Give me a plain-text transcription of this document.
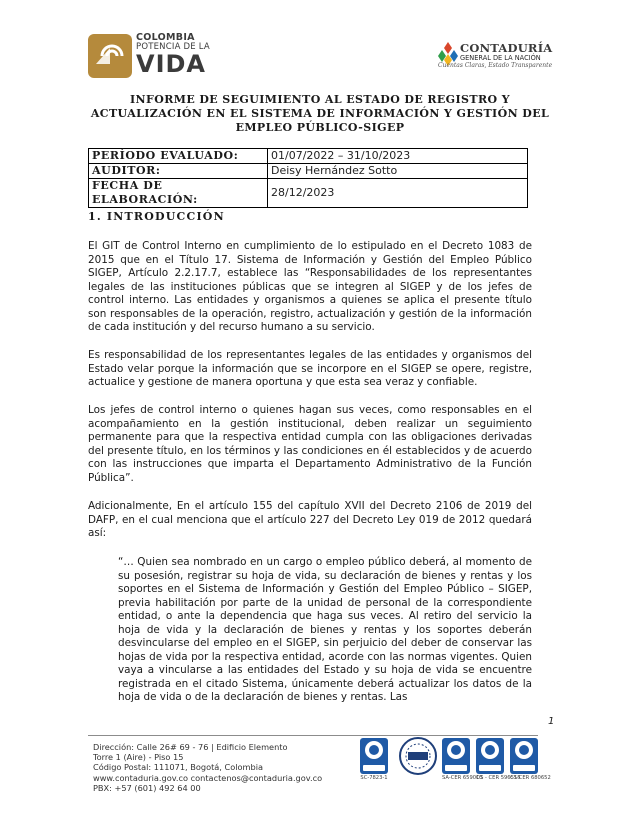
COLOMBIA
POTENCIA DE LA
VIDA
CONTADURÍA
GENERAL DE LA NACIÓN
Cuentas Claras, Estado Transparente
INFORME DE SEGUIMIENTO AL ESTADO DE REGISTRO Y ACTUALIZACIÓN EN EL SISTEMA DE INFORMACIÓN Y GESTIÓN DEL EMPLEO PÚBLICO-SIGEP
PERÍODO EVALUADO:	01/07/2022 – 31/10/2023
AUDITOR:	Deisy Hernández Sotto
FECHA DE ELABORACIÓN:	28/12/2023
1. INTRODUCCIÓN
El GIT de Control Interno en cumplimiento de lo estipulado en el Decreto 1083 de 2015 que en el Título 17. Sistema de Información y Gestión del Empleo Público SIGEP, Artículo 2.2.17.7, establece las “Responsabilidades de los representantes legales de las instituciones públicas que se integren al SIGEP y de los jefes de control interno. Las entidades y organismos a quienes se aplica el presente título son responsables de la operación, registro, actualización y gestión de la información de cada institución y del recurso humano a su servicio.
Es responsabilidad de los representantes legales de las entidades y organismos del Estado velar porque la información que se incorpore en el SIGEP se opere, registre, actualice y gestione de manera oportuna y que esta sea veraz y confiable.
Los jefes de control interno o quienes hagan sus veces, como responsables en el acompañamiento en la gestión institucional, deben realizar un seguimiento permanente para que la respectiva entidad cumpla con las obligaciones derivadas del presente título, en los términos y las condiciones en él establecidos y de acuerdo con las instrucciones que imparta el Departamento Administrativo de la Función Pública”.
Adicionalmente, En el artículo 155 del capítulo XVII del Decreto 2106 de 2019 del DAFP, en el cual menciona que el artículo 227 del Decreto Ley 019 de 2012 quedará así:
“… Quien sea nombrado en un cargo o empleo público deberá, al momento de su posesión, registrar su hoja de vida, su declaración de bienes y rentas y los soportes en el Sistema de Información y Gestión del Empleo Público – SIGEP, previa habilitación por parte de la unidad de personal de la correspondiente entidad, o ante la dependencia que haga sus veces. Al retiro del servicio la hoja de vida y la declaración de bienes y rentas y los soportes deberán desvincularse del empleo en el SIGEP, sin perjuicio del deber de conservar las hojas de vida por la respectiva entidad, acorde con las normas vigentes. Quien vaya a vincularse a las entidades del Estado y su hoja de vida se encuentre registrada en el citado Sistema, únicamente deberá actualizar los datos de la hoja de vida o de la declaración de bienes y rentas. Las
1
Dirección: Calle 26# 69 - 76 | Edificio Elemento
Torre 1 (Aire) - Piso 15
Código Postal: 111071, Bogotá, Colombia
www.contaduria.gov.co contactenos@contaduria.gov.co
PBX: +57 (601) 492 64 00
SC-7823-1	SA-CER 659013
OS - CER 596515
CS-CER 680652
